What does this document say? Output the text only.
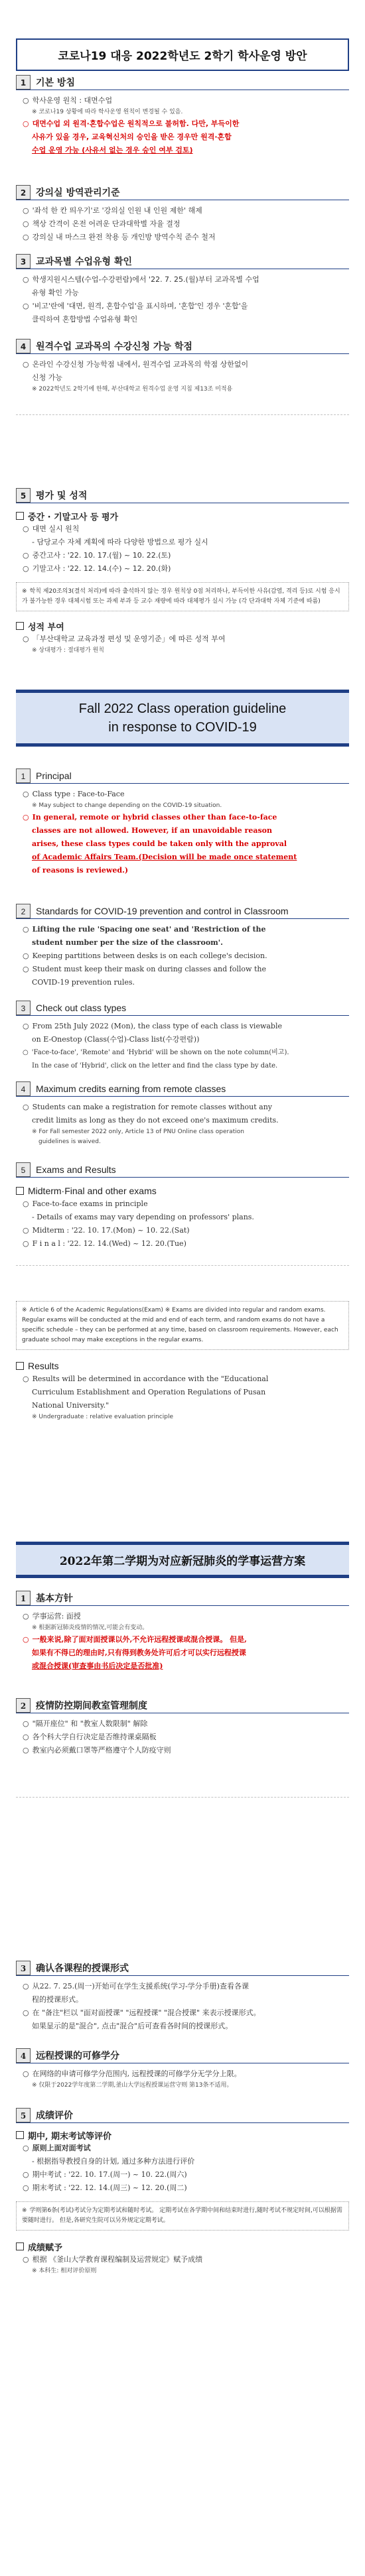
코로나19 대응 2022학년도 2학기 학사운영 방안
1	기본 방침
○ 학사운영 원칙 : 대면수업
※ 코로나19 상황에 따라 학사운영 원칙이 변경될 수 있음.
○ 대면수업 외 원격·혼합수업은 원칙적으로 불허함. 다만, 부득이한
사유가 있을 경우, 교육혁신처의 승인을 받은 경우만 원격·혼합
수업 운영 가능 (사유서 없는 경우 승인 여부 검토)
2	강의실 방역관리기준
○ '좌석 한 칸 띄우기'로 '강의실 인원 내 인원 제한' 해제
○ 책상 간격이 온전 어려운 단과대학별 자율 결정
○ 강의실 내 마스크 완전 착용 등 개인방 방역수칙 준수 철저
3	교과목별 수업유형 확인
○ 학생지원시스템(수업-수강편람)에서 '22. 7. 25.(월)부터 교과목별 수업
유형 확인 가능
○ '비고'란에 '대면, 원격, 혼합수업'을 표시하며, '혼합'인 경우 '혼합'을
클릭하여 혼합방법 수업유형 확인
4	원격수업 교과목의 수강신청 가능 학점
○ 온라인 수강신청 가능학점 내에서, 원격수업 교과목의 학점 상한없이
신청 가능
※ 2022학년도 2학기에 한해, 부산대학교 원격수업 운영 지침 제13조 미적용
5	평가 및 성적
중간 · 기말고사 등 평가
○ 대면 실시 원칙
- 담당교수 자체 계획에 따라 다양한 방법으로 평가 실시
○ 중간고사 : '22. 10. 17.(월) ~ 10. 22.(토)
○ 기말고사 : '22. 12. 14.(수) ~ 12. 20.(화)
※ 학칙 제20조의3(결석 처리)에 따라 출석하지 않는 경우 원칙상 0점 처리하나, 부득이한 사유(감염, 격리 등)로 시험 응시가 불가능한 경우 대체시험 또는 과제 부과 등 교수 재량에 따라 대체평가 실시 가능 (각 단과대학 자체 기준에 따름)
성적 부여
○ 「부산대학교 교육과정 편성 및 운영기준」에 따른 성적 부여
※ 상대평가 : 절대평가 원칙
Fall 2022 Class operation guideline
in response to COVID-19
1	Principal
○ Class type : Face-to-Face
※ May subject to change depending on the COVID-19 situation.
○ In general, remote or hybrid classes other than face-to-face
classes are not allowed. However, if an unavoidable reason
arises, these class types could be taken only with the approval
of Academic Affairs Team.(Decision will be made once statement
of reasons is reviewed.)
2	Standards for COVID-19 prevention and control in Classroom
○ Lifting the rule 'Spacing one seat' and 'Restriction of the
student number per the size of the classroom'.
○ Keeping partitions between desks is on each college's decision.
○ Student must keep their mask on during classes and follow the
COVID-19 prevention rules.
3	Check out class types
○ From 25th July 2022 (Mon), the class type of each class is viewable
on E-Onestop (Class(수업)-Class list(수강편람))
○ 'Face-to-face', 'Remote' and 'Hybrid' will be shown on the note column(비고).
In the case of 'Hybrid', click on the letter and find the class type by date.
4	Maximum credits earning from remote classes
○ Students can make a registration for remote classes without any
credit limits as long as they do not exceed one's maximum credits.
※ For Fall semester 2022 only, Article 13 of PNU Online class operation
guidelines is waived.
5	Exams and Results
Midterm·Final and other exams
○ Face-to-face exams in principle
- Details of exams may vary depending on professors' plans.
○ Midterm : '22. 10. 17.(Mon) ~ 10. 22.(Sat)
○ F i n a l : '22. 12. 14.(Wed) ~ 12. 20.(Tue)
※ Article 6 of the Academic Regulations(Exam) ※ Exams are divided into regular and random exams. Regular exams will be conducted at the mid and end of each term, and random exams do not have a specific schedule – they can be performed at any time, based on classroom requirements. However, each graduate school may make exceptions in the regular exams.
Results
○ Results will be determined in accordance with the "Educational
Curriculum Establishment and Operation Regulations of Pusan
National University."
※ Undergraduate : relative evaluation principle
2022年第二学期为对应新冠肺炎的学事运营方案
1	基本方针
○ 学事运营: 面授
※ 根据新冠肺炎疫情的情况,可能会有变动。
○ 一般来说,除了面对面授课以外,不允许远程授课或混合授课。 但是,
如果有不得已的理由时,只有得到教务处许可后才可以实行远程授课
或混合授课(审查事由书后决定是否批准)
2	疫情防控期间教室管理制度
○ "隔开座位" 和 "教室人数限制" 解除
○ 各个科大学自行决定是否维持课桌隔板
○ 教室内必须戴口罩等严格遵守个人防疫守则
3	确认各课程的授课形式
○ 从22. 7. 25.(周一)开始可在学生支援系统(学习-学分手册)查看各课
程的授课形式。
○ 在 "备注"栏以 "面对面授课" "远程授课" "混合授课" 来表示授课形式。
如果显示的是"混合", 点击"混合"后可查看各时间的授课形式。
4	远程授课的可修学分
○ 在网络的申请可修学分范围内, 远程授课的可修学分无学分上限。
※ 仅限于2022学年度第二学期,釜山大学远程授课运营守则 第13条不适用。
5	成绩评价
期中, 期末考试等评价
○ 原则上面对面考试
- 根据指导教授自身的计划, 通过多种方法进行评价
○ 期中考试 : '22. 10. 17.(周一) ~ 10. 22.(周六)
○ 期末考试 : '22. 12. 14.(周三) ~ 12. 20.(周二)
※ 学则第6条(考试)考试分为定期考试和随时考试。 定期考试在各学期中间和结束时进行,随时考试不规定时间,可以根据需要随时进行。 但是,各研究生院可以另外规定定期考试。
成绩赋予
○ 根据 《釜山大学教育课程编制及运营规定》赋予成绩
※ 本科生: 相对评价原则
